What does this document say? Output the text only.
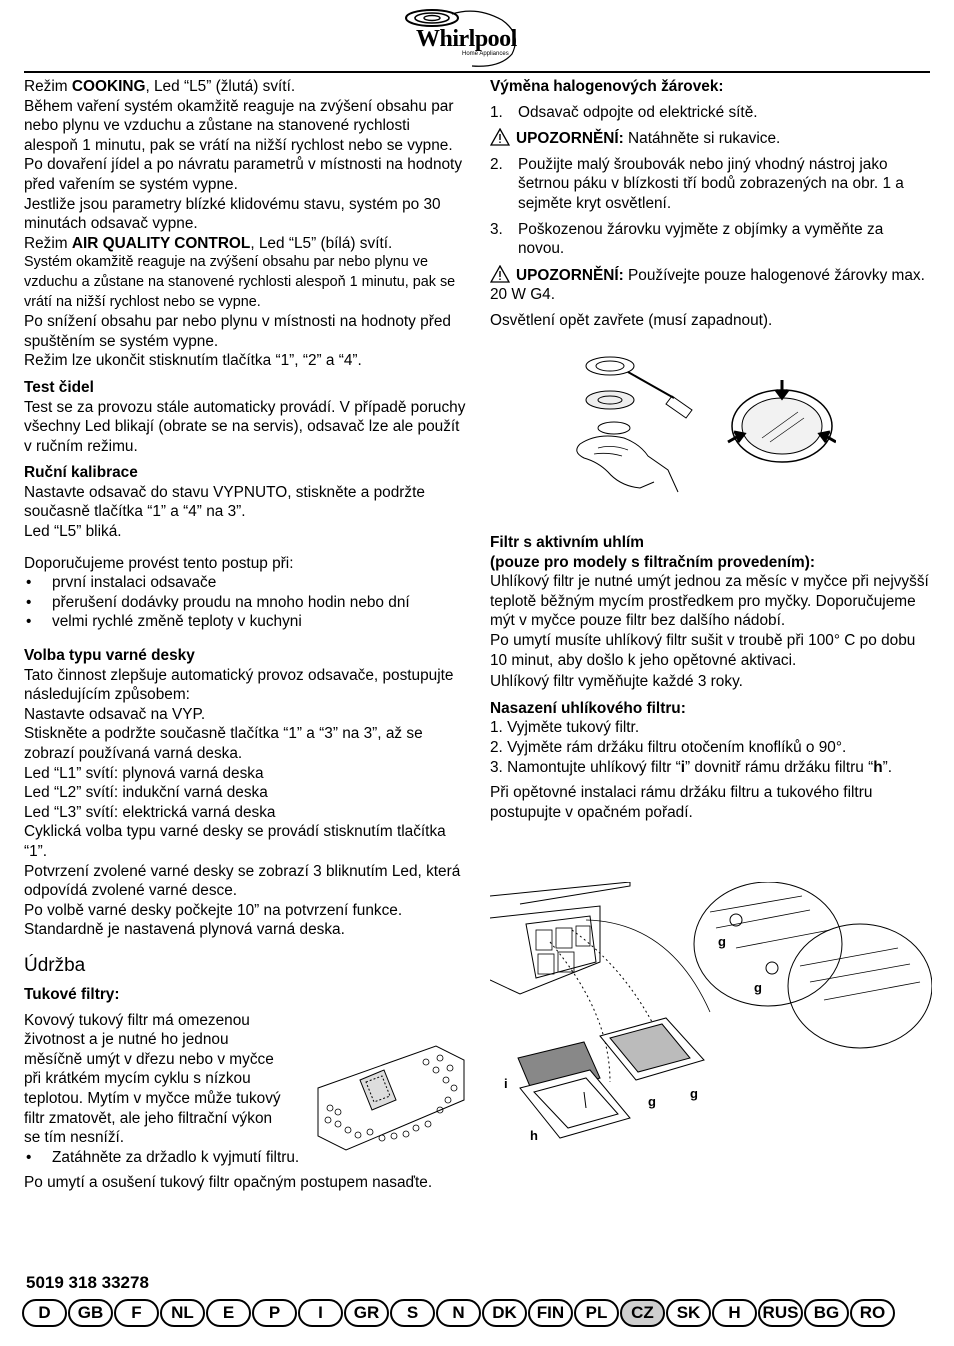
Whirlpool
Home Appliances

Režim COOKING, Led “L5” (žlutá) svítí.

Během vaření systém okamžitě reaguje na zvýšení obsahu par nebo plynu ve vzduchu a zůstane na stanovené rychlosti alespoň 1 minutu, pak se vrátí na nižší rychlost nebo se vypne.

Po dovaření jídel a po návratu parametrů v místnosti na hodnoty před vařením se systém vypne.

Jestliže jsou parametry blízké klidovému stavu, systém po 30 minutách odsavač vypne.

Režim AIR QUALITY CONTROL, Led “L5” (bílá) svítí.

Systém okamžitě reaguje na zvýšení obsahu par nebo plynu ve vzduchu a zůstane na stanovené rychlosti alespoň 1 minutu, pak se vrátí na nižší rychlost nebo se vypne.

Po snížení obsahu par nebo plynu v místnosti na hodnoty před spuštěním se systém vypne.

Režim lze ukončit stisknutím tlačítka “1”, “2” a “4”.

Test čidel

Test se za provozu stále automaticky provádí. V případě poruchy všechny Led blikají (obrate se na servis), odsavač lze ale použít v ručním režimu.

Ruční kalibrace

Nastavte odsavač do stavu VYPNUTO, stiskněte a podržte současně tlačítka “1” a “4” na 3”.

Led “L5” bliká.

Doporučujeme provést tento postup při:

• první instalaci odsavače

• přerušení dodávky proudu na mnoho hodin nebo dní

• velmi rychlé změně teploty v kuchyni

Volba typu varné desky

Tato činnost zlepšuje automatický provoz odsavače, postupujte následujícím způsobem:

Nastavte odsavač na VYP.

Stiskněte a podržte současně tlačítka “1” a “3” na 3”, až se zobrazí používaná varná deska.

Led “L1” svítí: plynová varná deska

Led “L2” svítí: indukční varná deska

Led “L3” svítí: elektrická varná deska

Cyklická volba typu varné desky se provádí stisknutím tlačítka “1”.

Potvrzení zvolené varné desky se zobrazí 3 bliknutím Led, která odpovídá zvolené varné desce.

Po volbě varné desky počkejte 10” na potvrzení funkce.

Standardně je nastavená plynová varná deska.

Údržba

Tukové filtry:

Kovový tukový filtr má omezenou životnost a je nutné ho jednou měsíčně umýt v dřezu nebo v myčce při krátkém mycím cyklu s nízkou teplotou. Mytím v myčce může tukový filtr zmatovět, ale jeho filtrační výkon se tím nesníží.

• Zatáhněte za držadlo k vyjmutí filtru.

Po umytí a osušení tukový filtr opačným postupem nasaďte.

Výměna halogenových žárovek:

1. Odsavač odpojte od elektrické sítě.

UPOZORNĚNÍ: Natáhněte si rukavice.

2. Použijte malý šroubovák nebo jiný vhodný nástroj jako šetrnou páku v blízkosti tří bodů zobrazených na obr. 1 a sejměte kryt osvětlení.

3. Poškozenou žárovku vyjměte z objímky a vyměňte za novou.

UPOZORNĚNÍ: Používejte pouze halogenové žárovky max. 20 W G4.

Osvětlení opět zavřete (musí zapadnout).

Filtr s aktivním uhlím

(pouze pro modely s filtračním provedením):

Uhlíkový filtr je nutné umýt jednou za měsíc v myčce při nejvyšší teplotě běžným mycím prostředkem pro myčky. Doporučujeme mýt v myčce pouze filtr bez dalšího nádobí.

Po umytí musíte uhlíkový filtr sušit v troubě při 100° C po dobu 10 minut, aby došlo k jeho opětovné aktivaci.

Uhlíkový filtr vyměňujte každé 3 roky.

Nasazení uhlíkového filtru:

1. Vyjměte tukový filtr.

2. Vyjměte rám držáku filtru otočením knoflíků o 90°.

3. Namontujte uhlíkový filtr “i” dovnitř rámu držáku filtru “h”.

Při opětovné instalaci rámu držáku filtru a tukového filtru postupujte v opačném pořadí.

g
g
i
h
g
g
5019 318 33278
D	GB	F	NL	E	P	I	GR	S	N	DK	FIN	PL	CZ	SK	H	RUS BG	RO
